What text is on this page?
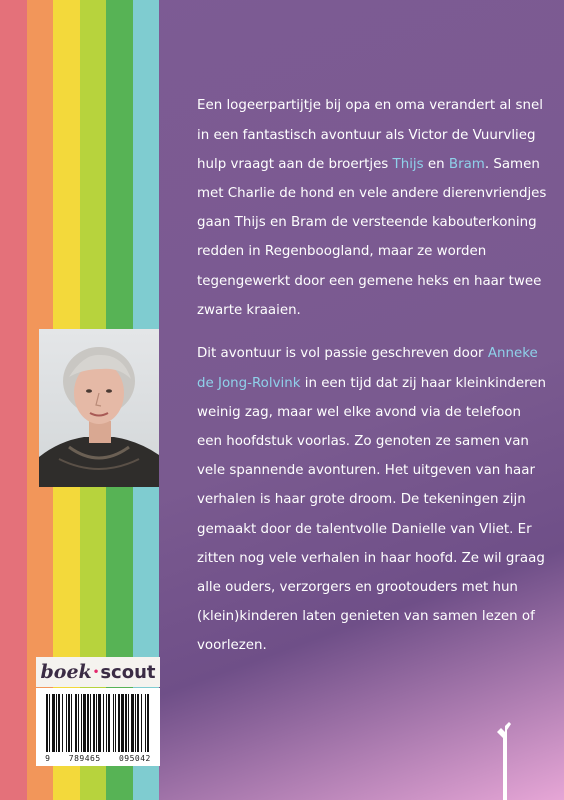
Een logeerpartijtje bij opa en oma verandert al snel in een fantastisch avontuur als Victor de Vuurvlieg hulp vraagt aan de broertjes Thijs en Bram. Samen met Charlie de hond en vele andere dierenvriendjes gaan Thijs en Bram de versteende kabouterkoning redden in Regenboogland, maar ze worden tegengewerkt door een gemene heks en haar twee zwarte kraaien.

Dit avontuur is vol passie geschreven door Anneke de Jong-Rolvink in een tijd dat zij haar kleinkinderen weinig zag, maar wel elke avond via de telefoon een hoofdstuk voorlas. Zo genoten ze samen van vele spannende avonturen. Het uitgeven van haar verhalen is haar grote droom. De tekeningen zijn gemaakt door de talentvolle Danielle van Vliet. Er zitten nog vele verhalen in haar hoofd. Ze wil graag alle ouders, verzorgers en grootouders met hun (klein)kinderen laten genieten van samen lezen of voorlezen.

boek · scout
9 789465 095042
